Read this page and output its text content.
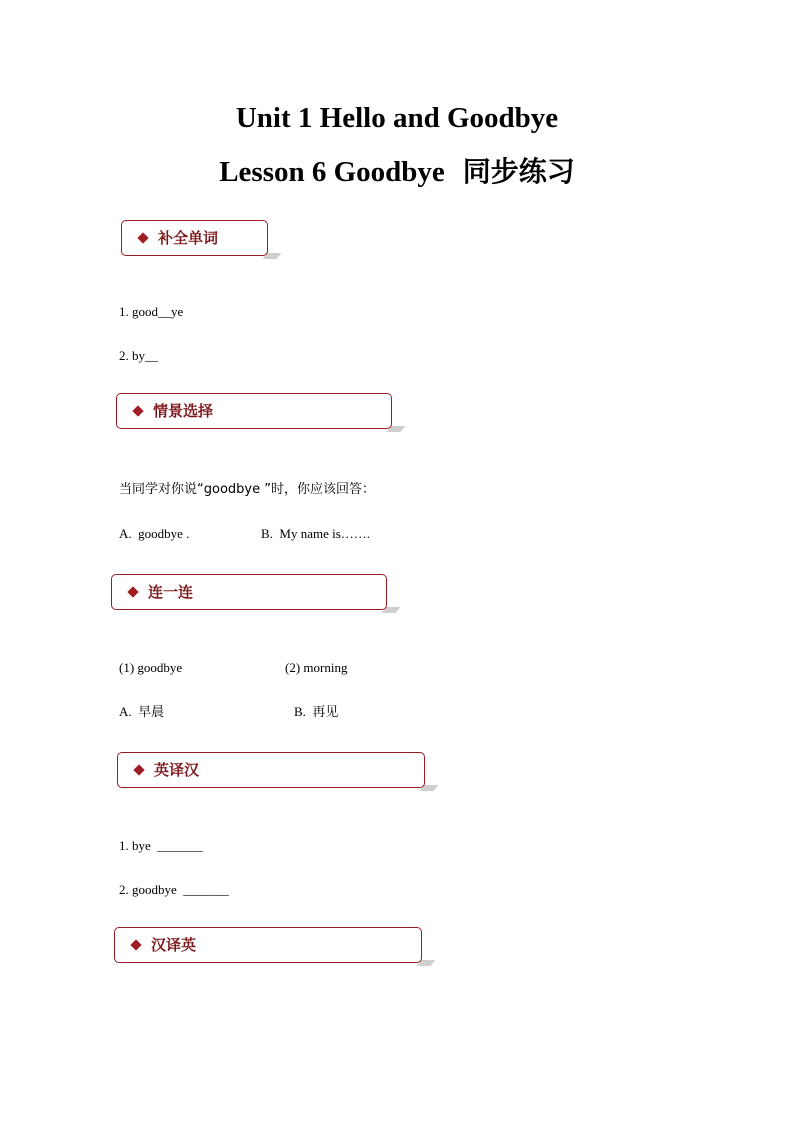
Unit 1 Hello and Goodbye
Lesson 6 Goodbye 同步练习
补全单词
1. good__ye
2. by__
情景选择
当同学对你说“goodbye ”时，你应该回答：
A.  goodbye .	B.  My name is…….
连一连
(1) goodbye	(2) morning
A. 早晨	B. 再见
英译汉
1. bye  _______
2. goodbye  _______
汉译英
